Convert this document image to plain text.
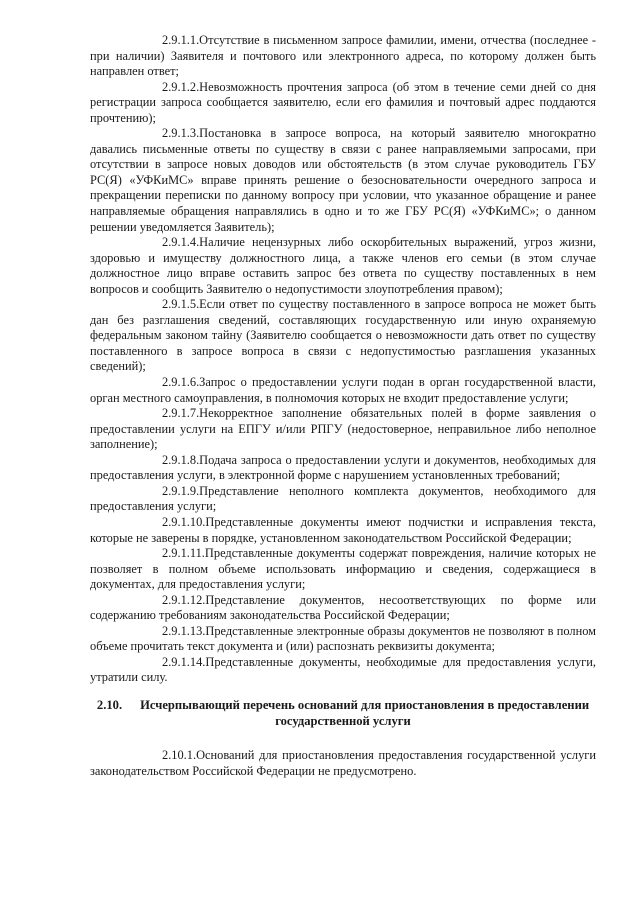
2.9.1.1.Отсутствие в письменном запросе фамилии, имени, отчества (последнее - при наличии) Заявителя и почтового или электронного адреса, по которому должен быть направлен ответ;

2.9.1.2.Невозможность прочтения запроса (об этом в течение семи дней со дня регистрации запроса сообщается заявителю, если его фамилия и почтовый адрес поддаются прочтению);

2.9.1.3.Постановка в запросе вопроса, на который заявителю многократно давались письменные ответы по существу в связи с ранее направляемыми запросами, при отсутствии в запросе новых доводов или обстоятельств (в этом случае руководитель ГБУ РС(Я) «УФКиМС» вправе принять решение о безосновательности очередного запроса и прекращении переписки по данному вопросу при условии, что указанное обращение и ранее направляемые обращения направлялись в одно и то же ГБУ РС(Я) «УФКиМС»; о данном решении уведомляется Заявитель);

2.9.1.4.Наличие нецензурных либо оскорбительных выражений, угроз жизни, здоровью и имуществу должностного лица, а также членов его семьи (в этом случае должностное лицо вправе оставить запрос без ответа по существу поставленных в нем вопросов и сообщить Заявителю о недопустимости злоупотребления правом);

2.9.1.5.Если ответ по существу поставленного в запросе вопроса не может быть дан без разглашения сведений, составляющих государственную или иную охраняемую федеральным законом тайну (Заявителю сообщается о невозможности дать ответ по существу поставленного в запросе вопроса в связи с недопустимостью разглашения указанных сведений);

2.9.1.6.Запрос о предоставлении услуги подан в орган государственной власти, орган местного самоуправления, в полномочия которых не входит предоставление услуги;

2.9.1.7.Некорректное заполнение обязательных полей в форме заявления о предоставлении услуги на ЕПГУ и/или РПГУ (недостоверное, неправильное либо неполное заполнение);

2.9.1.8.Подача запроса о предоставлении услуги и документов, необходимых для предоставления услуги, в электронной форме с нарушением установленных требований;

2.9.1.9.Представление неполного комплекта документов, необходимого для предоставления услуги;

2.9.1.10.Представленные документы имеют подчистки и исправления текста, которые не заверены в порядке, установленном законодательством Российской Федерации;

2.9.1.11.Представленные документы содержат повреждения, наличие которых не позволяет в полном объеме использовать информацию и сведения, содержащиеся в документах, для предоставления услуги;

2.9.1.12.Представление документов, несоответствующих по форме или содержанию требованиям законодательства Российской Федерации;

2.9.1.13.Представленные электронные образы документов не позволяют в полном объеме прочитать текст документа и (или) распознать реквизиты документа;

2.9.1.14.Представленные документы, необходимые для предоставления услуги, утратили силу.

2.10. Исчерпывающий перечень оснований для приостановления в предоставлении государственной услуги

2.10.1.Оснований для приостановления предоставления государственной услуги законодательством Российской Федерации не предусмотрено.
